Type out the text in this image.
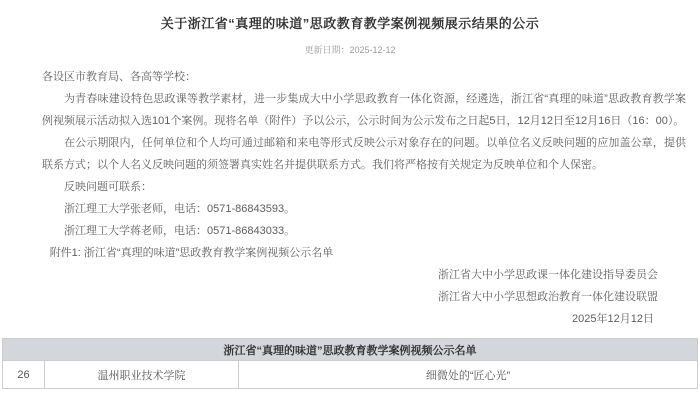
关于浙江省“真理的味道”思政教育教学案例视频展示结果的公示
更新日期：2025-12-12

各设区市教育局、各高等学校：

为青春味建设特色思政课等教学素材，进一步集成大中小学思政教育一体化资源，经遴选，浙江省“真理的味道”思政教育教学案例视频展示活动拟入选101个案例。现将名单（附件）予以公示，公示时间为公示发布之日起5日，12月12日至12月16日（16：00）。

在公示期限内，任何单位和个人均可通过邮箱和来电等形式反映公示对象存在的问题。以单位名义反映问题的应加盖公章，提供联系方式；以个人名义反映问题的须签署真实姓名并提供联系方式。我们将严格按有关规定为反映单位和个人保密。

反映问题可联系：

浙江理工大学张老师，电话：0571-86843593。

浙江理工大学蒋老师，电话：0571-86843033。

附件1: 浙江省“真理的味道”思政教育教学案例视频公示名单

浙江省大中小学思政课一体化建设指导委员会

浙江省大中小学思想政治教育一体化建设联盟

2025年12月12日

浙江省“真理的味道”思政教育教学案例视频公示名单
26	温州职业技术学院	细微处的“匠心光”
